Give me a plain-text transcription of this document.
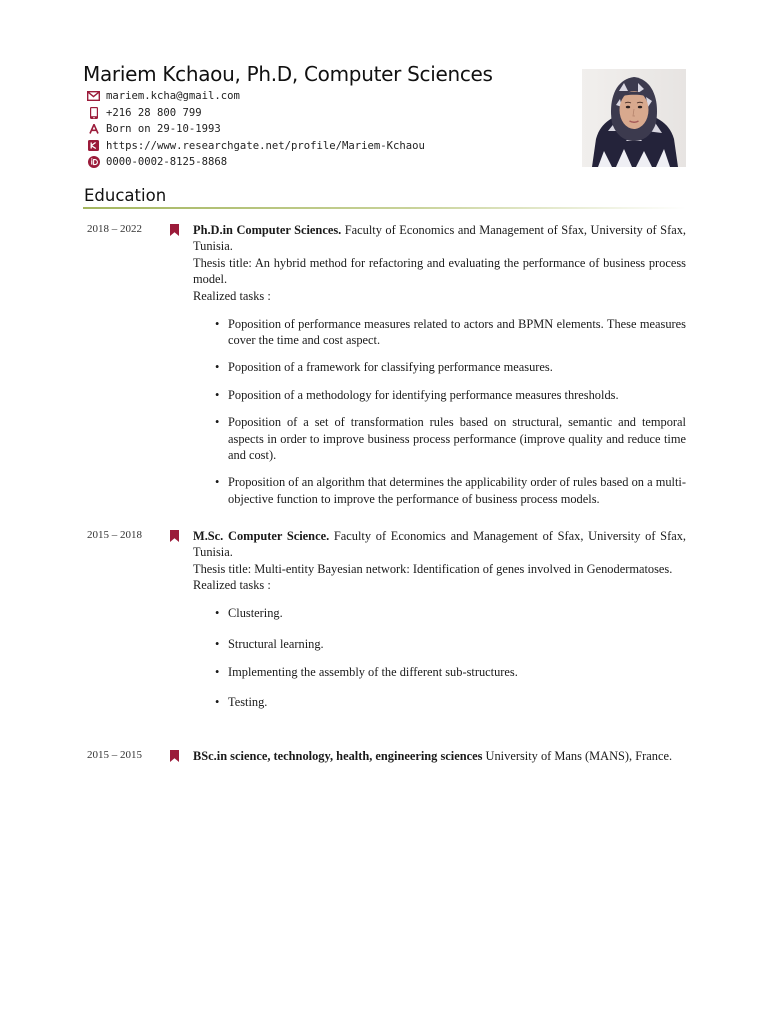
Mariem Kchaou, Ph.D, Computer Sciences
mariem.kcha@gmail.com
+216 28 800 799
Born on 29-10-1993
https://www.researchgate.net/profile/Mariem-Kchaou
0000-0002-8125-8868
Education
2018 – 2022	Ph.D.in Computer Sciences. Faculty of Economics and Management of Sfax, University of Sfax, Tunisia.

Thesis title: An hybrid method for refactoring and evaluating the performance of business process model.

Realized tasks :

• Poposition of performance measures related to actors and BPMN elements. These measures cover the time and cost aspect.
• Poposition of a framework for classifying performance measures.
• Poposition of a methodology for identifying performance measures thresholds.
• Poposition of a set of transformation rules based on structural, semantic and temporal aspects in order to improve business process performance (improve quality and reduce time and cost).
• Proposition of an algorithm that determines the applicability order of rules based on a multi-objective function to improve the performance of business process models.
2015 – 2018	M.Sc. Computer Science. Faculty of Economics and Management of Sfax, University of Sfax, Tunisia.

Thesis title: Multi-entity Bayesian network: Identification of genes involved in Genodermatoses.

Realized tasks :

• Clustering.
• Structural learning.
• Implementing the assembly of the different sub-structures.
• Testing.
2015 – 2015	BSc.in science, technology, health, engineering sciences University of Mans (MANS), France.
